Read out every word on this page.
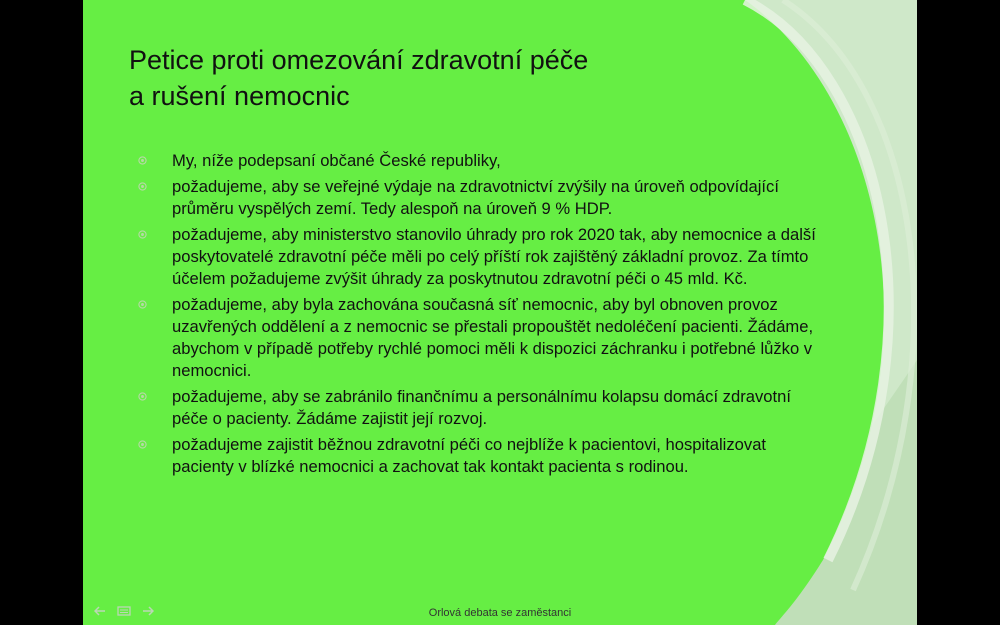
Petice proti omezování zdravotní péče
a rušení nemocnic
My, níže podepsaní občané České republiky,
požadujeme, aby se veřejné výdaje na zdravotnictví zvýšily na úroveň odpovídající průměru vyspělých zemí. Tedy alespoň na úroveň 9 % HDP.
požadujeme, aby ministerstvo stanovilo úhrady pro rok 2020 tak, aby nemocnice a další poskytovatelé zdravotní péče měli po celý příští rok zajištěný základní provoz. Za tímto účelem požadujeme zvýšit úhrady za poskytnutou zdravotní péči o 45 mld. Kč.
požadujeme, aby byla zachována současná síť nemocnic, aby byl obnoven provoz uzavřených oddělení a z nemocnic se přestali propouštět nedoléčení pacienti. Žádáme, abychom v případě potřeby rychlé pomoci měli k dispozici záchranku i potřebné lůžko v nemocnici.
požadujeme, aby se zabránilo finančnímu a personálnímu kolapsu domácí zdravotní péče o pacienty. Žádáme zajistit její rozvoj.
požadujeme zajistit běžnou zdravotní péči co nejblíže k pacientovi, hospitalizovat pacienty v blízké nemocnici a zachovat tak kontakt pacienta s rodinou.
Orlová debata se zaměstanci
